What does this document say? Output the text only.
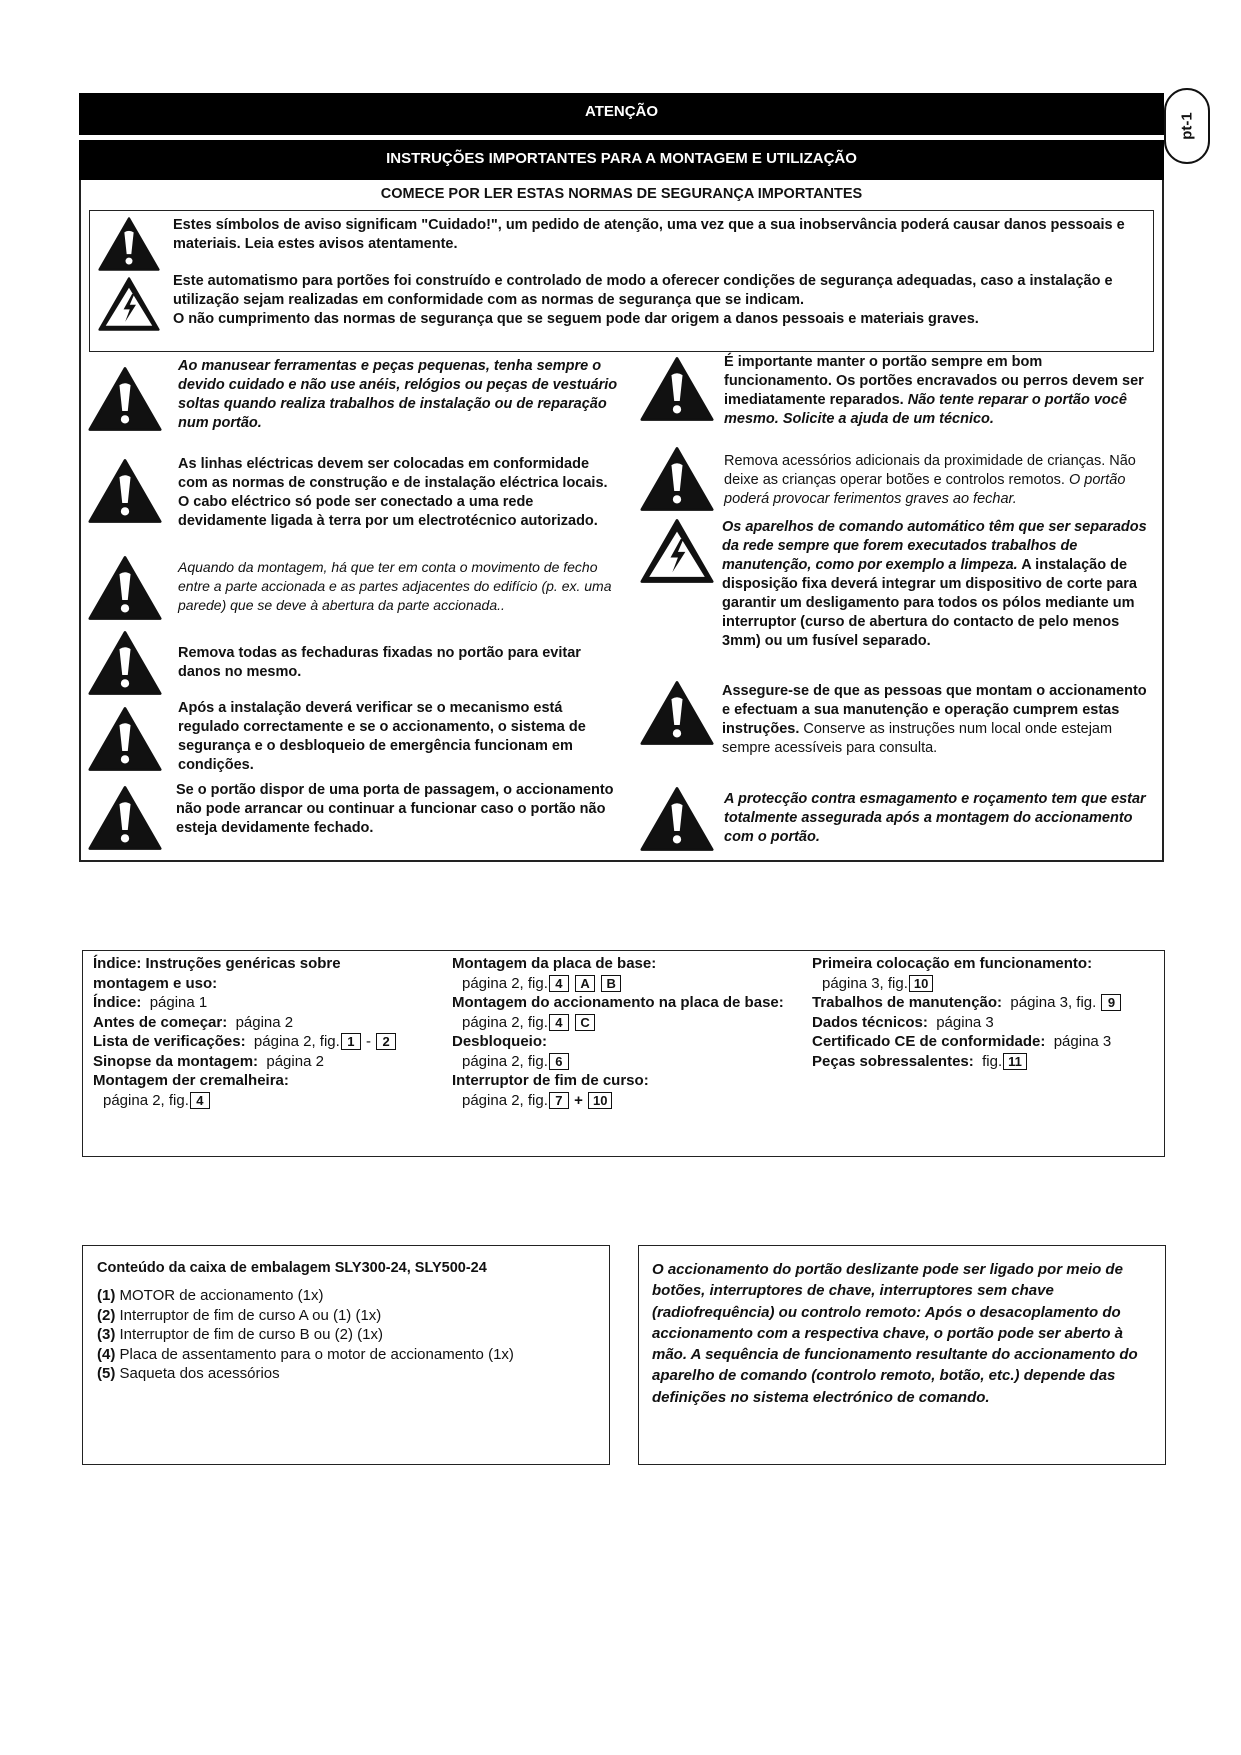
ATENÇÃO
INSTRUÇÕES IMPORTANTES PARA A MONTAGEM E UTILIZAÇÃO
pt-1
COMECE POR LER ESTAS NORMAS DE SEGURANÇA IMPORTANTES
Estes símbolos de aviso significam "Cuidado!", um pedido de atenção, uma vez que a sua inobservância poderá causar danos pessoais e materiais. Leia estes avisos atentamente.
Este automatismo para portões foi construído e controlado de modo a oferecer condições de segurança adequadas, caso a instalação e utilização sejam realizadas em conformidade com as normas de segurança que se indicam.
O não cumprimento das normas de segurança que se seguem pode dar origem a danos pessoais e materiais graves.
Ao manusear ferramentas e peças pequenas, tenha sempre o devido cuidado e não use anéis, relógios ou peças de vestuário soltas quando realiza trabalhos de instalação ou de reparação num portão.
As linhas eléctricas devem ser colocadas em conformidade com as normas de construção e de instalação eléctrica locais. O cabo eléctrico só pode ser conectado a uma rede devidamente ligada à terra por um electrotécnico autorizado.
Aquando da montagem, há que ter em conta o movimento de fecho entre a parte accionada e as partes adjacentes do edifício (p. ex. uma parede) que se deve à abertura da parte accionada..
Remova todas as fechaduras fixadas no portão para evitar danos no mesmo.
Após a instalação deverá verificar se o mecanismo está regulado correctamente e se o accionamento, o sistema de segurança e o desbloqueio de emergência funcionam em condições.
Se o portão dispor de uma porta de passagem, o accionamento não pode arrancar ou continuar a funcionar caso o portão não esteja devidamente fechado.
É importante manter o portão sempre em bom funcionamento. Os portões encravados ou perros devem ser imediatamente reparados. Não tente reparar o portão você mesmo. Solicite a ajuda de um técnico.
Remova acessórios adicionais da proximidade de crianças. Não deixe as crianças operar botões e controlos remotos. O portão poderá provocar ferimentos graves ao fechar.
Os aparelhos de comando automático têm que ser separados da rede sempre que forem executados trabalhos de manutenção, como por exemplo a limpeza. A instalação de disposição fixa deverá integrar um dispositivo de corte para garantir um desligamento para todos os pólos mediante um interruptor (curso de abertura do contacto de pelo menos 3mm) ou um fusível separado.
Assegure-se de que as pessoas que montam o accionamento e efectuam a sua manutenção e operação cumprem estas instruções. Conserve as instruções num local onde estejam sempre acessíveis para consulta.
A protecção contra esmagamento e roçamento tem que estar totalmente assegurada após a montagem do accionamento com o portão.
Índice: Instruções genéricas sobre
montagem e uso:
Índice: página 1
Antes de começar: página 2
Lista de verificações: página 2, fig. 1 - 2
Sinopse da montagem: página 2
Montagem der cremalheira:
página 2, fig. 4
Montagem da placa de base:
página 2, fig. 4 A B
Montagem do accionamento na placa de base:
página 2, fig. 4 C
Desbloqueio:
página 2, fig. 6
Interruptor de fim de curso:
página 2, fig. 7 + 10
Primeira colocação em funcionamento:
página 3, fig. 10
Trabalhos de manutenção: página 3, fig. 9
Dados técnicos: página 3
Certificado CE de conformidade: página 3
Peças sobressalentes: fig. 11
Conteúdo da caixa de embalagem SLY300-24, SLY500-24
(1) MOTOR de accionamento (1x)
(2) Interruptor de fim de curso A ou (1) (1x)
(3) Interruptor de fim de curso B ou (2) (1x)
(4) Placa de assentamento para o motor de accionamento (1x)
(5) Saqueta dos acessórios
O accionamento do portão deslizante pode ser ligado por meio de botões, interruptores de chave, interruptores sem chave (radiofrequência) ou controlo remoto: Após o desacoplamento do accionamento com a respectiva chave, o portão pode ser aberto à mão. A sequência de funcionamento resultante do accionamento do aparelho de comando (controlo remoto, botão, etc.) depende das definições no sistema electrónico de comando.
